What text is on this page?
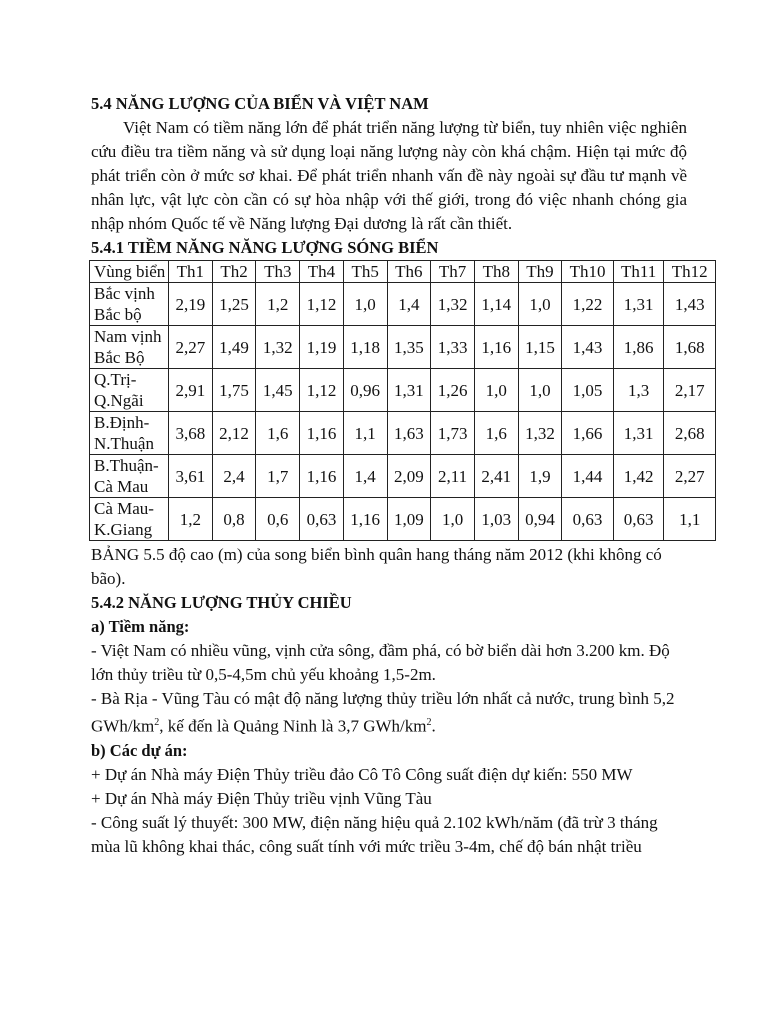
5.4 NĂNG LƯỢNG CỦA BIỂN VÀ VIỆT NAM

Việt Nam có tiềm năng lớn để phát triển năng lượng từ biển, tuy nhiên việc nghiên cứu điều tra tiềm năng và sử dụng loại năng lượng này còn khá chậm. Hiện tại mức độ phát triển còn ở mức sơ khai. Để phát triển nhanh vấn đề này ngoài sự đầu tư mạnh về nhân lực, vật lực còn cần có sự hòa nhập với thế giới, trong đó việc nhanh chóng gia nhập nhóm Quốc tế về Năng lượng Đại dương là rất cần thiết.

5.4.1 TIỀM NĂNG NĂNG LƯỢNG SÓNG BIỂN

Vùng biển	Th1	Th2	Th3	Th4	Th5	Th6	Th7	Th8	Th9	Th10	Th11	Th12
Bắc vịnh Bắc bộ	2,19	1,25	1,2	1,12	1,0	1,4	1,32	1,14	1,0	1,22	1,31	1,43
Nam vịnh Bắc Bộ	2,27	1,49	1,32	1,19	1,18	1,35	1,33	1,16	1,15	1,43	1,86	1,68
Q.Trị-Q.Ngãi	2,91	1,75	1,45	1,12	0,96	1,31	1,26	1,0	1,0	1,05	1,3	2,17
B.Định-N.Thuận	3,68	2,12	1,6	1,16	1,1	1,63	1,73	1,6	1,32	1,66	1,31	2,68
B.Thuận-Cà Mau	3,61	2,4	1,7	1,16	1,4	2,09	2,11	2,41	1,9	1,44	1,42	2,27
Cà Mau-K.Giang	1,2	0,8	0,6	0,63	1,16	1,09	1,0	1,03	0,94	0,63	0,63	1,1

BẢNG 5.5 độ cao (m) của song biển bình quân hang tháng năm 2012 (khi không có bão).

5.4.2 NĂNG LƯỢNG THỦY CHIỀU

a) Tiềm năng:

- Việt Nam có nhiều vũng, vịnh cửa sông, đầm phá, có bờ biển dài hơn 3.200 km. Độ lớn thủy triều từ 0,5-4,5m chủ yếu khoảng 1,5-2m.

- Bà Rịa - Vũng Tàu có mật độ năng lượng thủy triều lớn nhất cả nước, trung bình 5,2 GWh/$km^2$, kế đến là Quảng Ninh là 3,7 GWh/$km^2$.

b) Các dự án:

+ Dự án Nhà máy Điện Thủy triều đảo Cô Tô Công suất điện dự kiến: 550 MW

+ Dự án Nhà máy Điện Thủy triều vịnh Vũng Tàu

- Công suất lý thuyết: 300 MW, điện năng hiệu quả 2.102 kWh/năm (đã trừ 3 tháng mùa lũ không khai thác, công suất tính với mức triều 3-4m, chế độ bán nhật triều
